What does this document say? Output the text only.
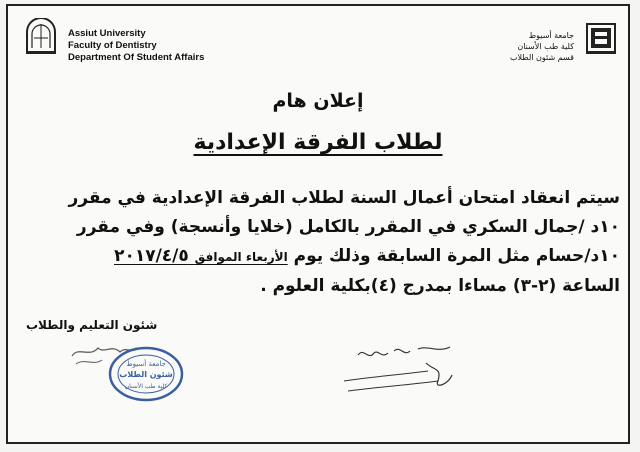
Assiut University
Faculty of Dentistry
Department Of Student Affairs
جامعة أسيوط
كلية طب الأسنان
قسم شئون الطلاب
إعلان هام
لطلاب الفرقة الإعدادية
سيتم انعقاد امتحان أعمال السنة لطلاب الفرقة الإعدادية في مقرر
١٠د /جمال السكري في المقرر بالكامل (خلايا وأنسجة) وفي مقرر
١٠د/حسام مثل المرة السابقة وذلك يوم الأربعاء الموافق ٢٠١٧/٤/٥
الساعة (٢-٣) مساءا بمدرج (٤)بكلية العلوم .
شئون التعليم والطلاب
جامعة أسيوط
شئون الطلاب
كلية طب الأسنان
